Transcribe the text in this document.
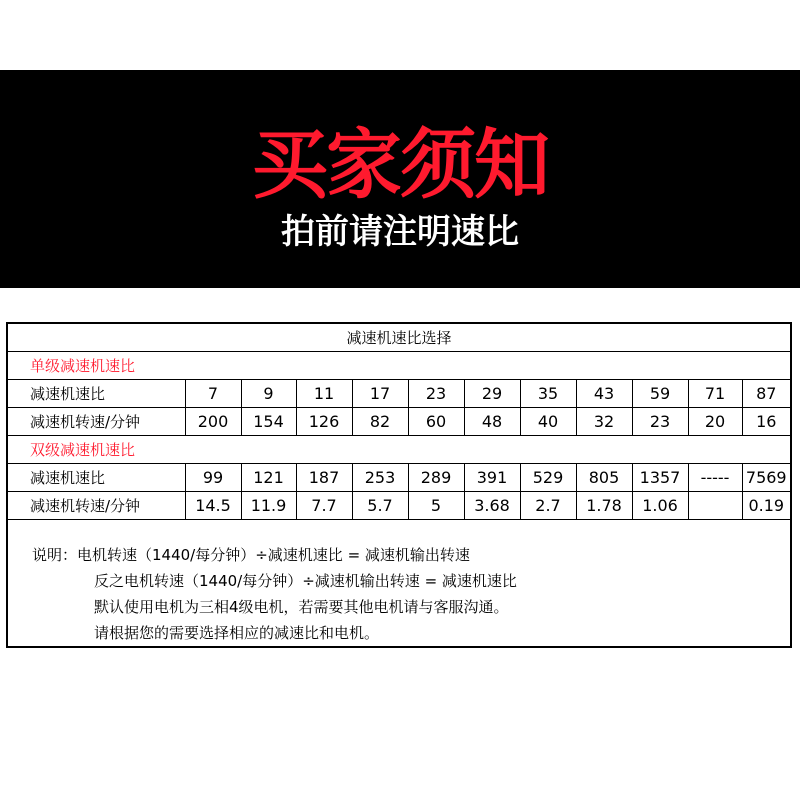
买家须知
拍前请注明速比
减速机速比选择											
单级减速机速比											
减速机速比	7	9	11	17	23	29	35	43	59	71	87
减速机转速/分钟	200	154	126	82	60	48	40	32	23	20	16
双级减速机速比											
减速机速比	99	121	187	253	289	391	529	805	1357	-----	7569
减速机转速/分钟	14.5	11.9	7.7	5.7	5	3.68	2.7	1.78	1.06		0.19
说明：电机转速（1440/每分钟）÷减速机速比 = 减速机输出转速
反之电机转速（1440/每分钟）÷减速机输出转速 = 减速机速比
默认使用电机为三相4级电机，若需要其他电机请与客服沟通。
请根据您的需要选择相应的减速比和电机。
